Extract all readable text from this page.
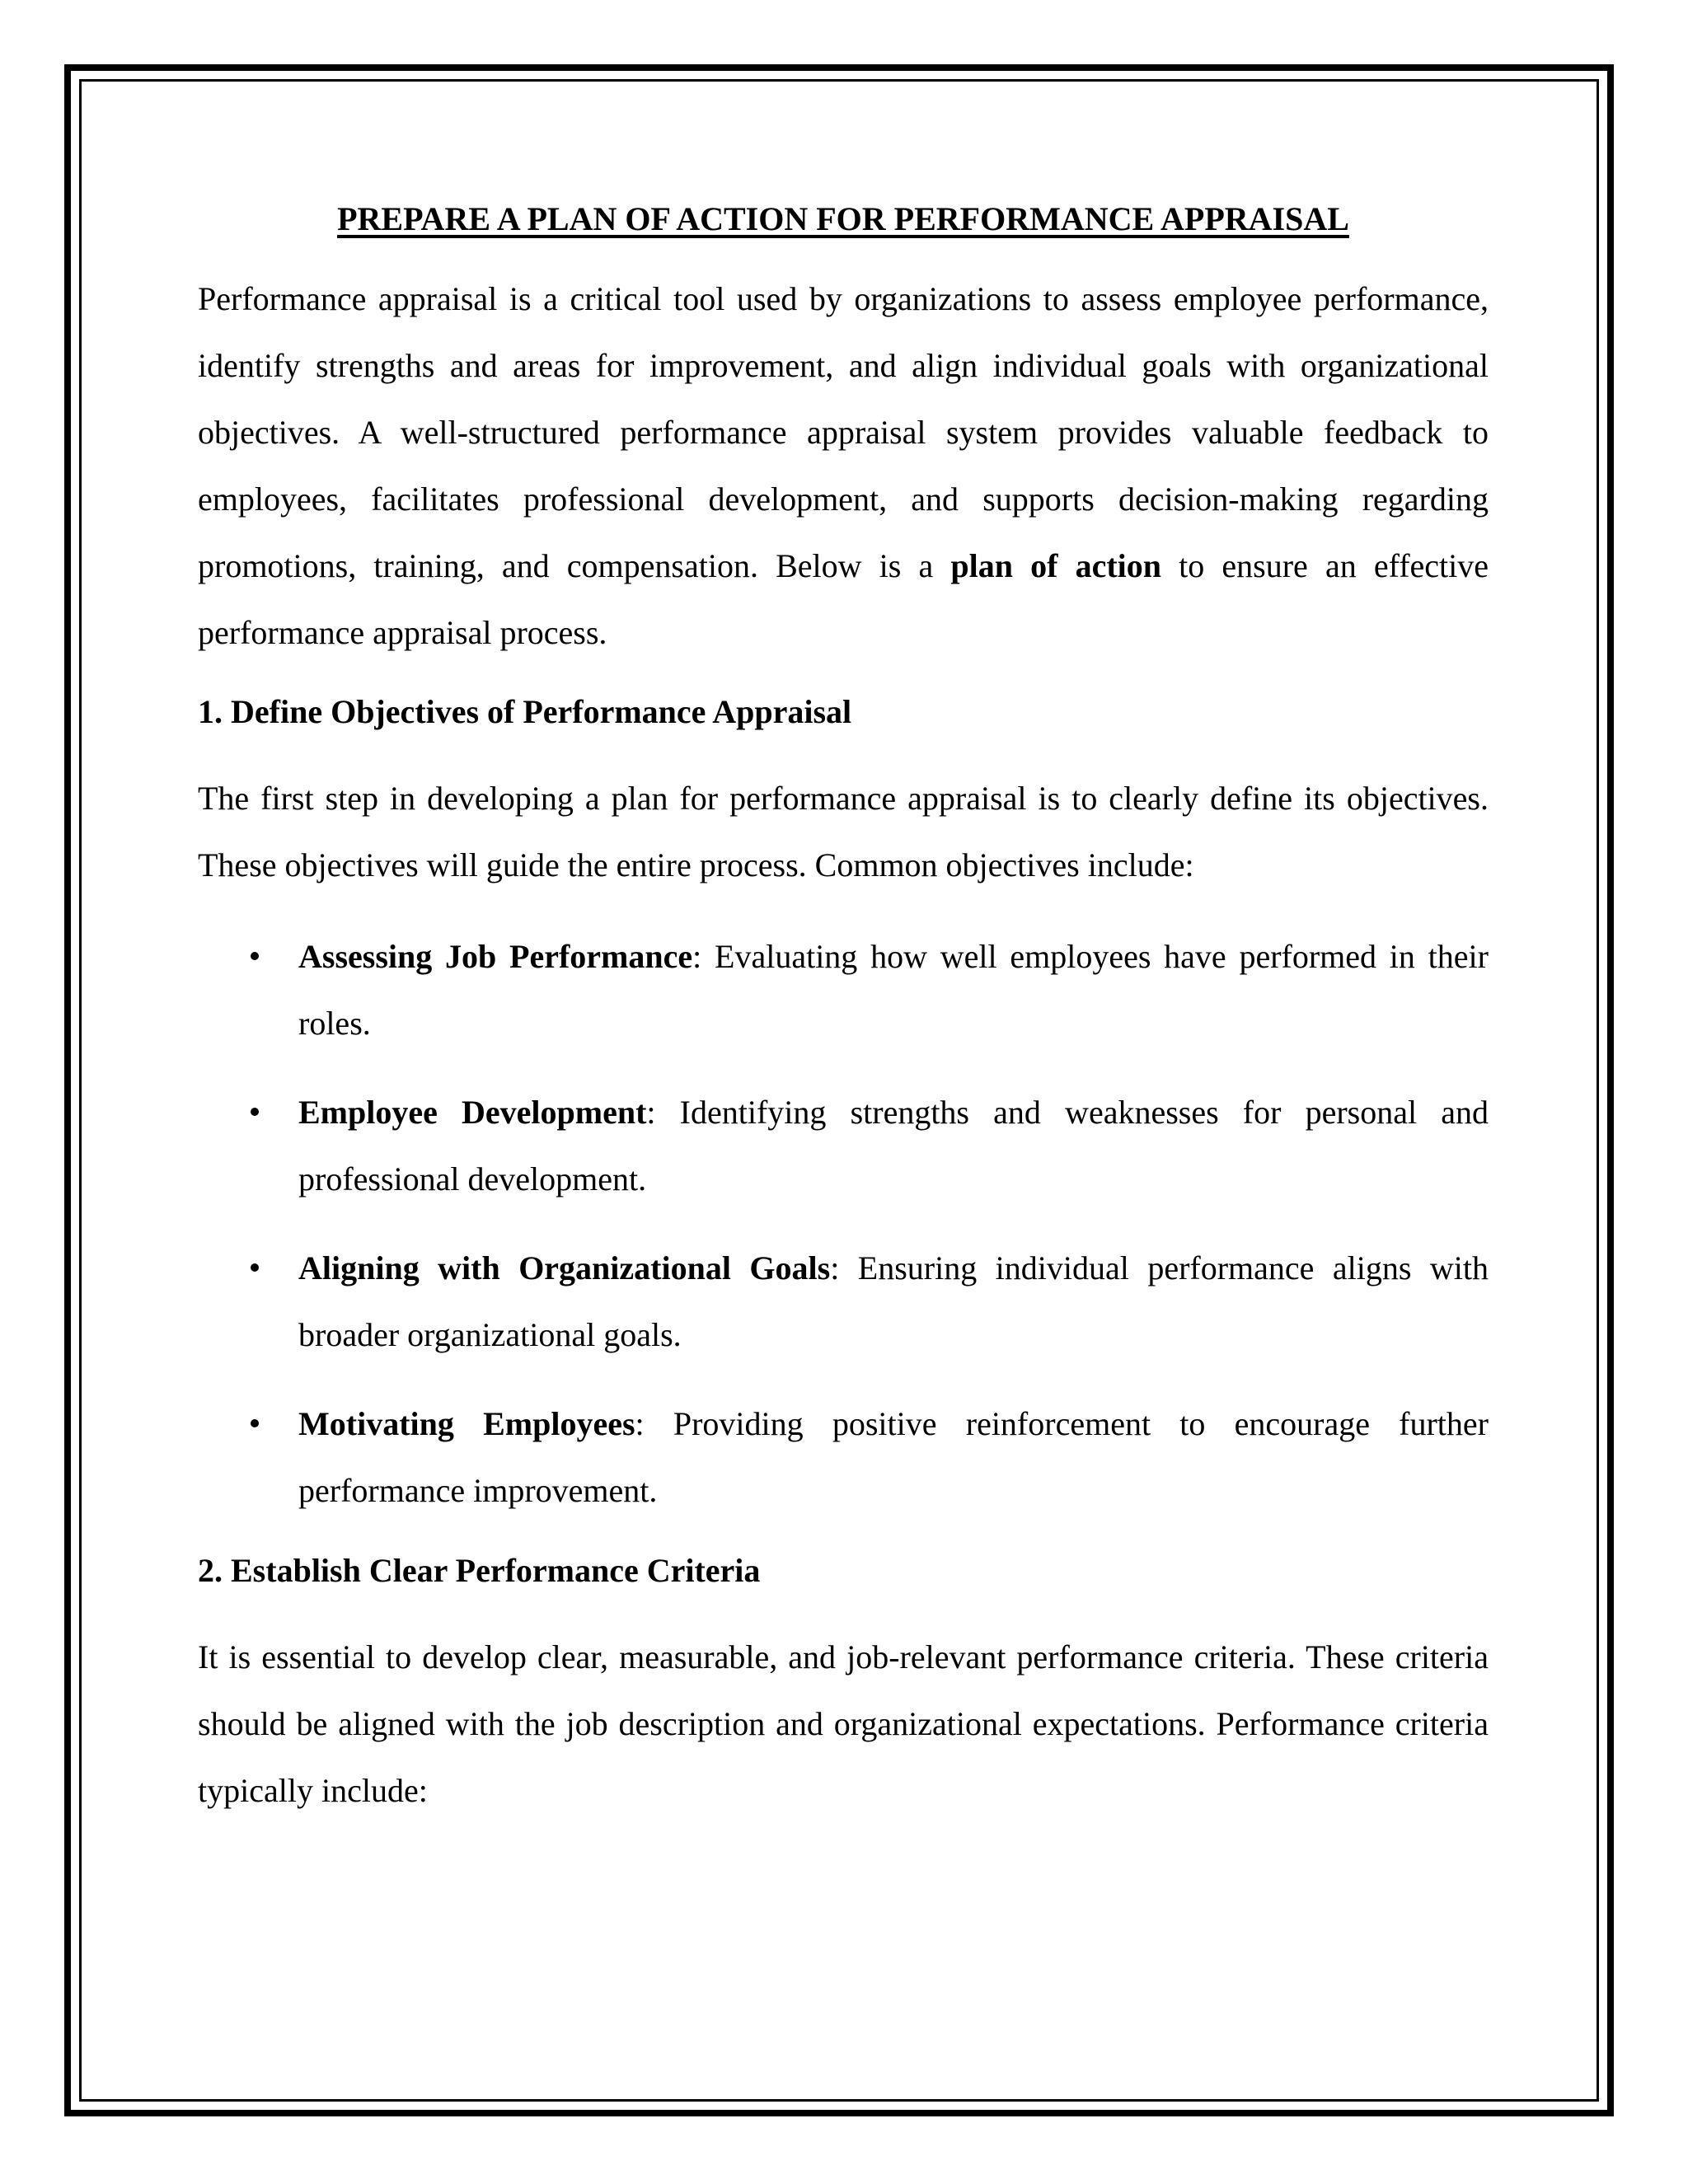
PREPARE A PLAN OF ACTION FOR PERFORMANCE APPRAISAL

Performance appraisal is a critical tool used by organizations to assess employee performance, identify strengths and areas for improvement, and align individual goals with organizational objectives. A well-structured performance appraisal system provides valuable feedback to employees, facilitates professional development, and supports decision-making regarding promotions, training, and compensation. Below is a plan of action to ensure an effective performance appraisal process.

1. Define Objectives of Performance Appraisal

The first step in developing a plan for performance appraisal is to clearly define its objectives. These objectives will guide the entire process. Common objectives include:

Assessing Job Performance: Evaluating how well employees have performed in their roles.
Employee Development: Identifying strengths and weaknesses for personal and professional development.
Aligning with Organizational Goals: Ensuring individual performance aligns with broader organizational goals.
Motivating Employees: Providing positive reinforcement to encourage further performance improvement.
2. Establish Clear Performance Criteria

It is essential to develop clear, measurable, and job-relevant performance criteria. These criteria should be aligned with the job description and organizational expectations. Performance criteria typically include:
